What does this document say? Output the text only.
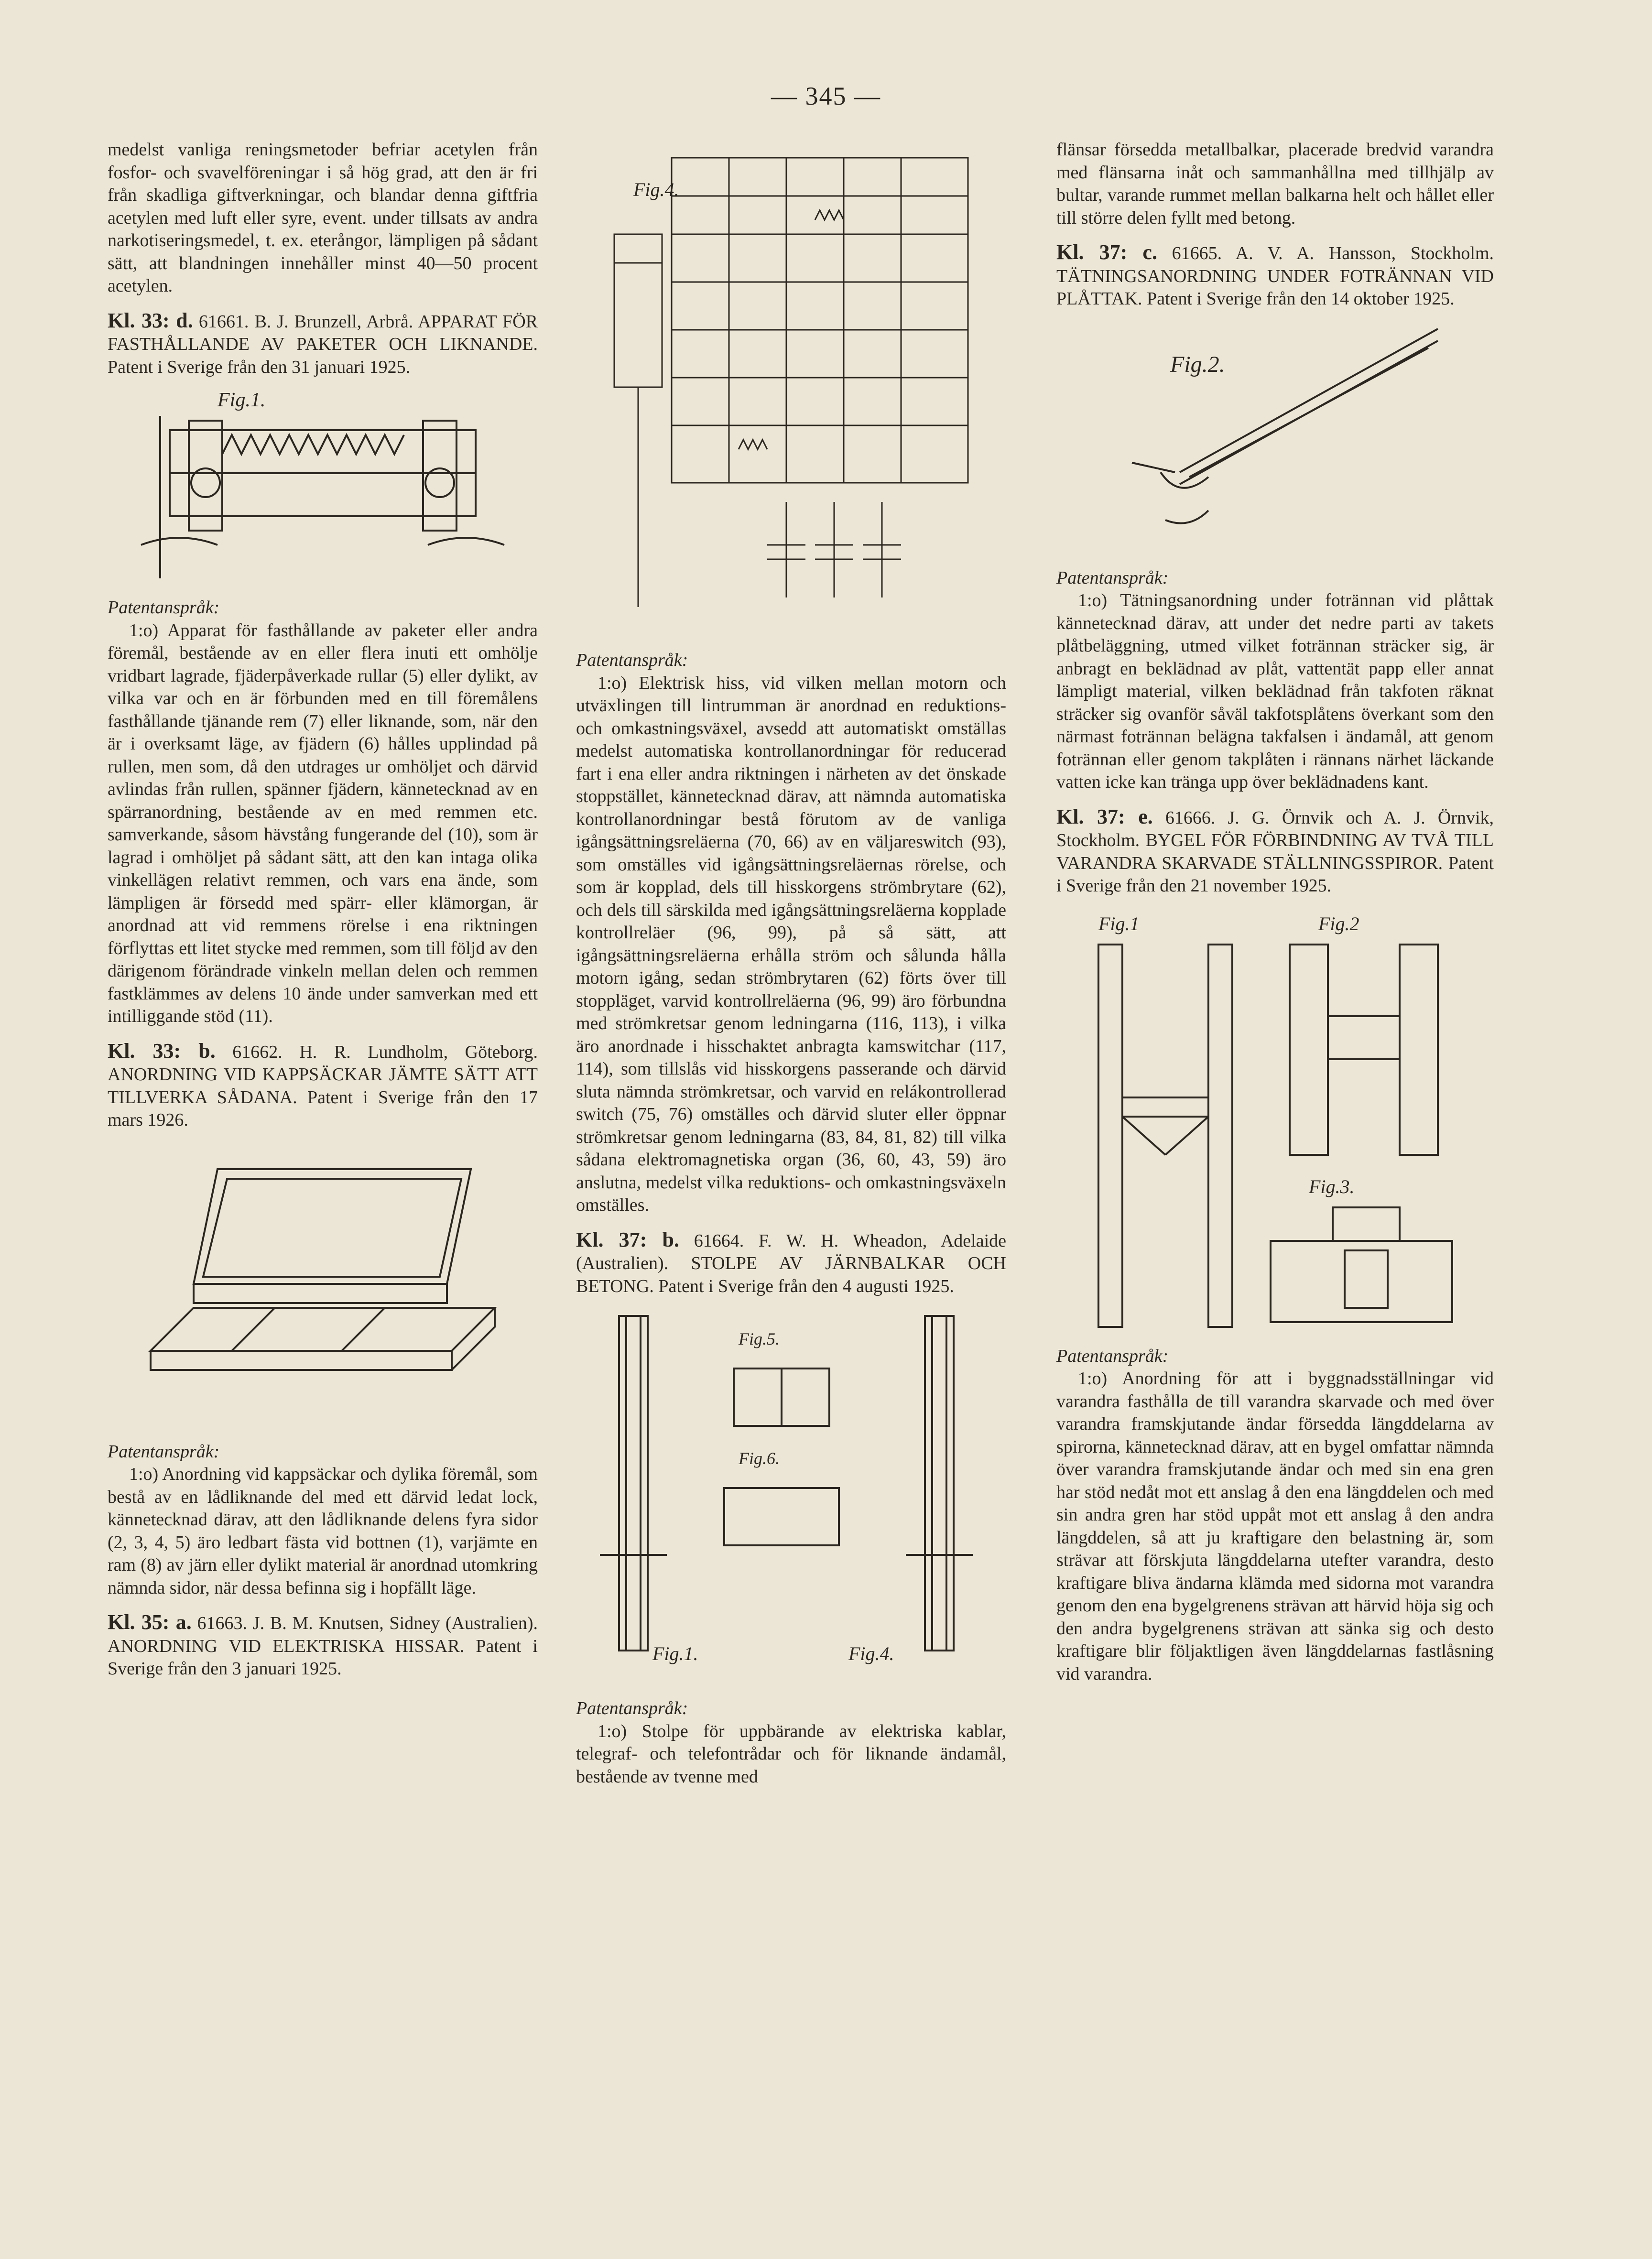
— 345 —

medelst vanliga reningsmetoder befriar acetylen från fosfor- och svavelföreningar i så hög grad, att den är fri från skadliga giftverkningar, och blandar denna giftfria acetylen med luft eller syre, event. under tillsats av andra narkotiseringsmedel, t. ex. eterångor, lämpligen på sådant sätt, att blandningen innehåller minst 40—50 procent acetylen.

Kl. 33: d. 61661. B. J. Brunzell, Arbrå. APPARAT FÖR FASTHÅLLANDE AV PAKETER OCH LIKNANDE. Patent i Sverige från den 31 januari 1925.

Fig.1.

Patentanspråk:

1:o) Apparat för fasthållande av paketer eller andra föremål, bestående av en eller flera inuti ett omhölje vridbart lagrade, fjäderpåverkade rullar (5) eller dylikt, av vilka var och en är förbunden med en till föremålens fasthållande tjänande rem (7) eller liknande, som, när den är i overksamt läge, av fjädern (6) hålles upplindad på rullen, men som, då den utdrages ur omhöljet och därvid avlindas från rullen, spänner fjädern, kännetecknad av en spärranordning, bestående av en med remmen etc. samverkande, såsom hävstång fungerande del (10), som är lagrad i omhöljet på sådant sätt, att den kan intaga olika vinkellägen relativt remmen, och vars ena ände, som lämpligen är försedd med spärr- eller klämorgan, är anordnad att vid remmens rörelse i ena riktningen förflyttas ett litet stycke med remmen, som till följd av den därigenom förändrade vinkeln mellan delen och remmen fastklämmes av delens 10 ände under samverkan med ett intilliggande stöd (11).

Kl. 33: b. 61662. H. R. Lundholm, Göteborg. ANORDNING VID KAPPSÄCKAR JÄMTE SÄTT ATT TILLVERKA SÅDANA. Patent i Sverige från den 17 mars 1926.

Patentanspråk:

1:o) Anordning vid kappsäckar och dylika föremål, som bestå av en lådliknande del med ett därvid ledat lock, kännetecknad därav, att den lådliknande delens fyra sidor (2, 3, 4, 5) äro ledbart fästa vid bottnen (1), varjämte en ram (8) av järn eller dylikt material är anordnad utomkring nämnda sidor, när dessa befinna sig i hopfällt läge.

Kl. 35: a. 61663. J. B. M. Knutsen, Sidney (Australien). ANORDNING VID ELEKTRISKA HISSAR. Patent i Sverige från den 3 januari 1925.

Fig.4.

Patentanspråk:

1:o) Elektrisk hiss, vid vilken mellan motorn och utväxlingen till lintrumman är anordnad en reduktions- och omkastningsväxel, avsedd att automatiskt omställas medelst automatiska kontrollanordningar för reducerad fart i ena eller andra riktningen i närheten av det önskade stoppstället, kännetecknad därav, att nämnda automatiska kontrollanordningar bestå förutom av de vanliga igångsättningsreläerna (70, 66) av en väljareswitch (93), som omställes vid igångsättningsreläernas rörelse, och som är kopplad, dels till hisskorgens strömbrytare (62), och dels till särskilda med igångsättningsreläerna kopplade kontrollreläer (96, 99), på så sätt, att igångsättningsreläerna erhålla ström och sålunda hålla motorn igång, sedan strömbrytaren (62) förts över till stoppläget, varvid kontrollreläerna (96, 99) äro förbundna med strömkretsar genom ledningarna (116, 113), i vilka äro anordnade i hisschaktet anbragta kamswitchar (117, 114), som tillslås vid hisskorgens passerande och därvid sluta nämnda strömkretsar, och varvid en relákontrollerad switch (75, 76) omställes och därvid sluter eller öppnar strömkretsar genom ledningarna (83, 84, 81, 82) till vilka sådana elektromagnetiska organ (36, 60, 43, 59) äro anslutna, medelst vilka reduktions- och omkastningsväxeln omställes.

Kl. 37: b. 61664. F. W. H. Wheadon, Adelaide (Australien). STOLPE AV JÄRNBALKAR OCH BETONG. Patent i Sverige från den 4 augusti 1925.

Fig.5.
Fig.6.
Fig.1.	Fig.4.

Patentanspråk:

1:o) Stolpe för uppbärande av elektriska kablar, telegraf- och telefontrådar och för liknande ändamål, bestående av tvenne med

flänsar försedda metallbalkar, placerade bredvid varandra med flänsarna inåt och sammanhållna med tillhjälp av bultar, varande rummet mellan balkarna helt och hållet eller till större delen fyllt med betong.

Kl. 37: c. 61665. A. V. A. Hansson, Stockholm. TÄTNINGSANORDNING UNDER FOTRÄNNAN VID PLÅTTAK. Patent i Sverige från den 14 oktober 1925.

Fig.2.

Patentanspråk:

1:o) Tätningsanordning under fotrännan vid plåttak kännetecknad därav, att under det nedre parti av takets plåtbeläggning, utmed vilket fotrännan sträcker sig, är anbragt en beklädnad av plåt, vattentät papp eller annat lämpligt material, vilken beklädnad från takfoten räknat sträcker sig ovanför såväl takfotsplåtens överkant som den närmast fotrännan belägna takfalsen i ändamål, att genom fotrännan eller genom takplåten i rännans närhet läckande vatten icke kan tränga upp över beklädnadens kant.

Kl. 37: e. 61666. J. G. Örnvik och A. J. Örnvik, Stockholm. BYGEL FÖR FÖRBINDNING AV TVÅ TILL VARANDRA SKARVADE STÄLLNINGSSPIROR. Patent i Sverige från den 21 november 1925.

Fig.1	Fig.2
Fig.3.

Patentanspråk:

1:o) Anordning för att i byggnadsställningar vid varandra fasthålla de till varandra skarvade och med över varandra framskjutande ändar försedda längddelarna av spirorna, kännetecknad därav, att en bygel omfattar nämnda över varandra framskjutande ändar och med sin ena gren har stöd nedåt mot ett anslag å den ena längddelen och med sin andra gren har stöd uppåt mot ett anslag å den andra längddelen, så att ju kraftigare den belastning är, som strävar att förskjuta längddelarna utefter varandra, desto kraftigare bliva ändarna klämda med sidorna mot varandra genom den ena bygelgrenens strävan att härvid höja sig och den andra bygelgrenens strävan att sänka sig och desto kraftigare blir följaktligen även längddelarnas fastlåsning vid varandra.
